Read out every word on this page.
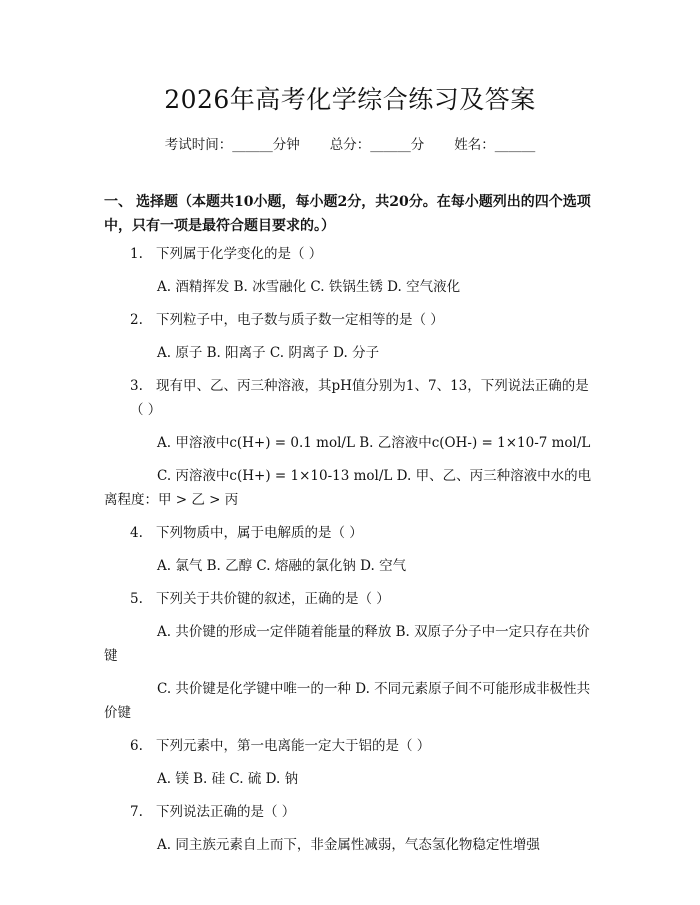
2026年高考化学综合练习及答案
考试时间：______分钟 总分：______分 姓名：______
一、 选择题（本题共10小题，每小题2分，共20分。在每小题列出的四个选项中，只有一项是最符合题目要求的。）
1. 下列属于化学变化的是（ ）
A. 酒精挥发 B. 冰雪融化 C. 铁锅生锈 D. 空气液化
2. 下列粒子中，电子数与质子数一定相等的是（ ）
A. 原子 B. 阳离子 C. 阴离子 D. 分子
3. 现有甲、乙、丙三种溶液，其pH值分别为1、7、13，下列说法正确的是（ ）
A. 甲溶液中c(H+) = 0.1 mol/L B. 乙溶液中c(OH-) = 1×10-7 mol/L
C. 丙溶液中c(H+) = 1×10-13 mol/L D. 甲、乙、丙三种溶液中水的电离程度：甲 > 乙 > 丙
4. 下列物质中，属于电解质的是（ ）
A. 氯气 B. 乙醇 C. 熔融的氯化钠 D. 空气
5. 下列关于共价键的叙述，正确的是（ ）
A. 共价键的形成一定伴随着能量的释放 B. 双原子分子中一定只存在共价键
C. 共价键是化学键中唯一的一种 D. 不同元素原子间不可能形成非极性共价键
6. 下列元素中，第一电离能一定大于铝的是（ ）
A. 镁 B. 硅 C. 硫 D. 钠
7. 下列说法正确的是（ ）
A. 同主族元素自上而下，非金属性减弱，气态氢化物稳定性增强
